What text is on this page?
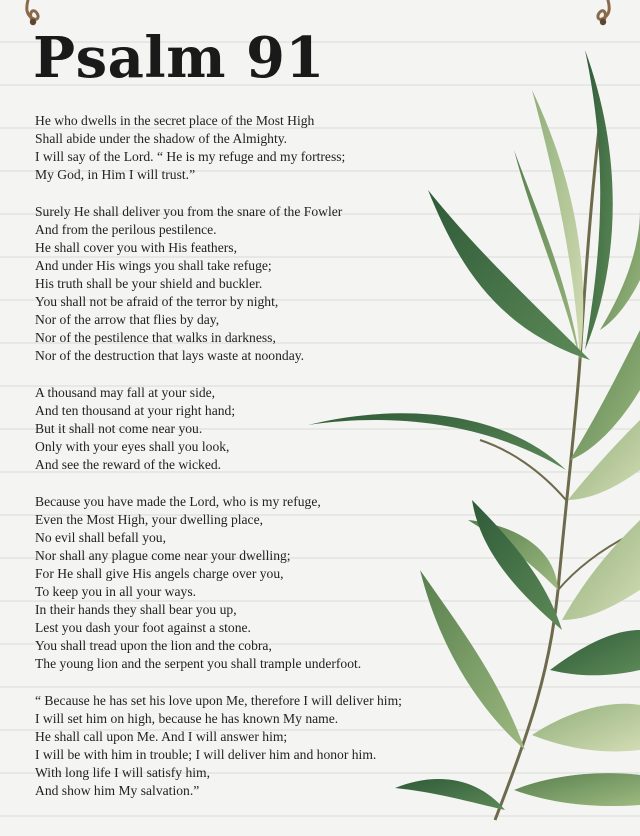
Psalm 91

He who dwells in the secret place of the Most High
Shall abide under the shadow of the Almighty.
I will say of the Lord. “ He is my refuge and my fortress;
My God, in Him I will trust.”

Surely He shall deliver you from the snare of the Fowler
And from the perilous pestilence.
He shall cover you with His feathers,
And under His wings you shall take refuge;
His truth shall be your shield and buckler.
You shall not be afraid of the terror by night,
Nor of the arrow that flies by day,
Nor of the pestilence that walks in darkness,
Nor of the destruction that lays waste at noonday.

A thousand may fall at your side,
And ten thousand at your right hand;
But it shall not come near you.
Only with your eyes shall you look,
And see the reward of the wicked.

Because you have made the Lord, who is my refuge,
Even the Most High, your dwelling place,
No evil shall befall you,
Nor shall any plague come near your dwelling;
For He shall give His angels charge over you,
To keep you in all your ways.
In their hands they shall bear you up,
Lest you dash your foot against a stone.
You shall tread upon the lion and the cobra,
The young lion and the serpent you shall trample underfoot.

“ Because he has set his love upon Me, therefore I will deliver him;
I will set him on high, because he has known My name.
He shall call upon Me. And I will answer him;
I will be with him in trouble; I will deliver him and honor him.
With long life I will satisfy him,
And show him My salvation.”
